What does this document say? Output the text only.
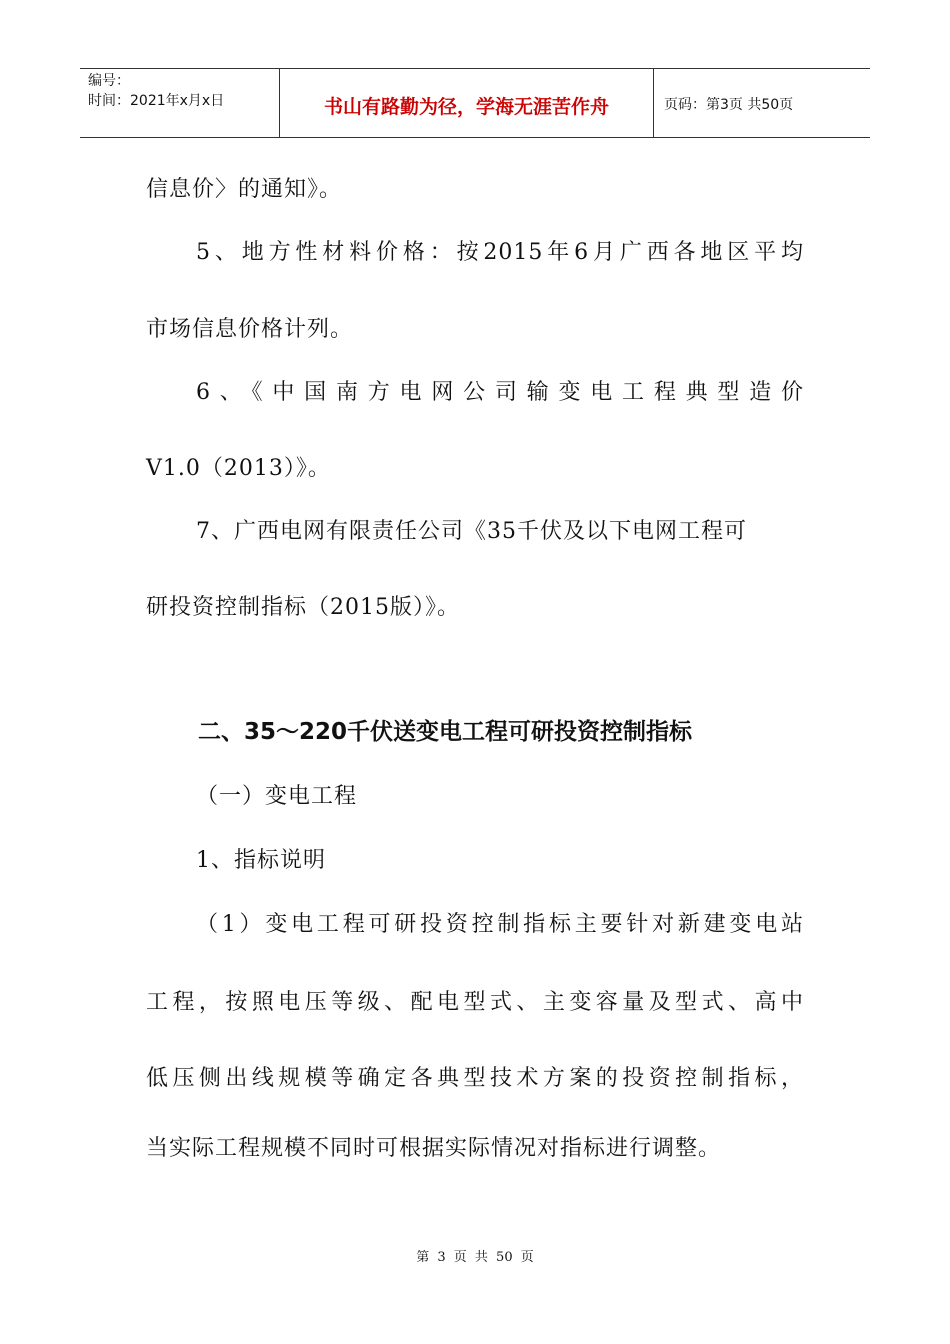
编号：
时间：2021年x月x日	书山有路勤为径，学海无涯苦作舟	页码：第3页 共50页
信息价〉的通知》。
5、地方性材料价格：按2015年6月广西各地区平均
市场信息价格计列。
6、《中国南方电网公司输变电工程典型造价
V1.0（2013）》。
7、广西电网有限责任公司《35千伏及以下电网工程可
研投资控制指标（2015版）》。
二、35～220千伏送变电工程可研投资控制指标
（一）变电工程
1、指标说明
（1）变电工程可研投资控制指标主要针对新建变电站
工程，按照电压等级、配电型式、主变容量及型式、高中
低压侧出线规模等确定各典型技术方案的投资控制指标，
当实际工程规模不同时可根据实际情况对指标进行调整。
第 3 页 共 50 页
